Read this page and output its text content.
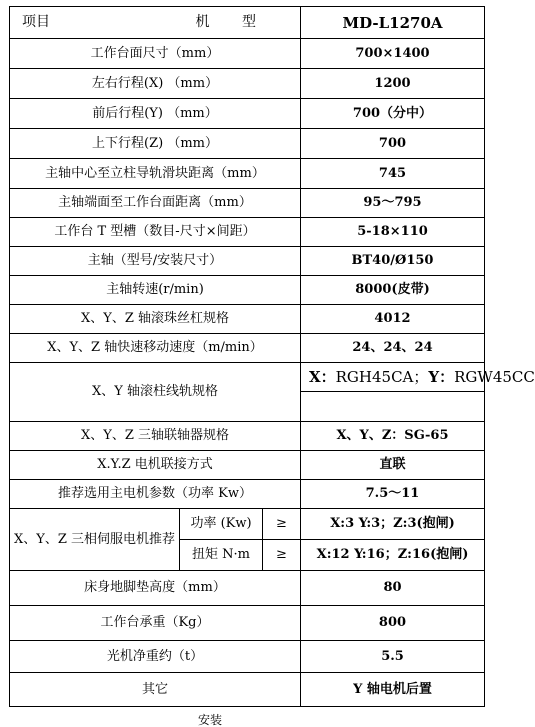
项目 机 型			MD-L1270A
工作台面尺寸（mm）			700×1400
左右行程(X) （mm）			1200
前后行程(Y) （mm）			700（分中）
上下行程(Z) （mm）			700
主轴中心至立柱导轨滑块距离（mm）			745
主轴端面至工作台面距离（mm）			95～795
工作台 T 型槽（数目-尺寸×间距）			5-18×110
主轴（型号/安装尺寸）			BT40/Ø150
主轴转速(r/min)			8000(皮带)
X、Y、Z 轴滚珠丝杠规格			4012
X、Y、Z 轴快速移动速度（m/min）			24、24、24
X、Y 轴滚柱线轨规格			X：RGH45CA；Y：RGW45CC

X、Y、Z 三轴联轴器规格			X、Y、Z：SG-65
X.Y.Z 电机联接方式			直联
推荐选用主电机参数（功率 Kw）			7.5～11
X、Y、Z 三相伺服电机推荐	功率 (Kw)	≥	X:3 Y:3；Z:3(抱闸)
	扭矩 N·m	≥	X:12 Y:16；Z:16(抱闸)
床身地脚垫高度（mm）			80
工作台承重（Kg）			800
光机净重约（t）			5.5
其它			Y 轴电机后置
安装
